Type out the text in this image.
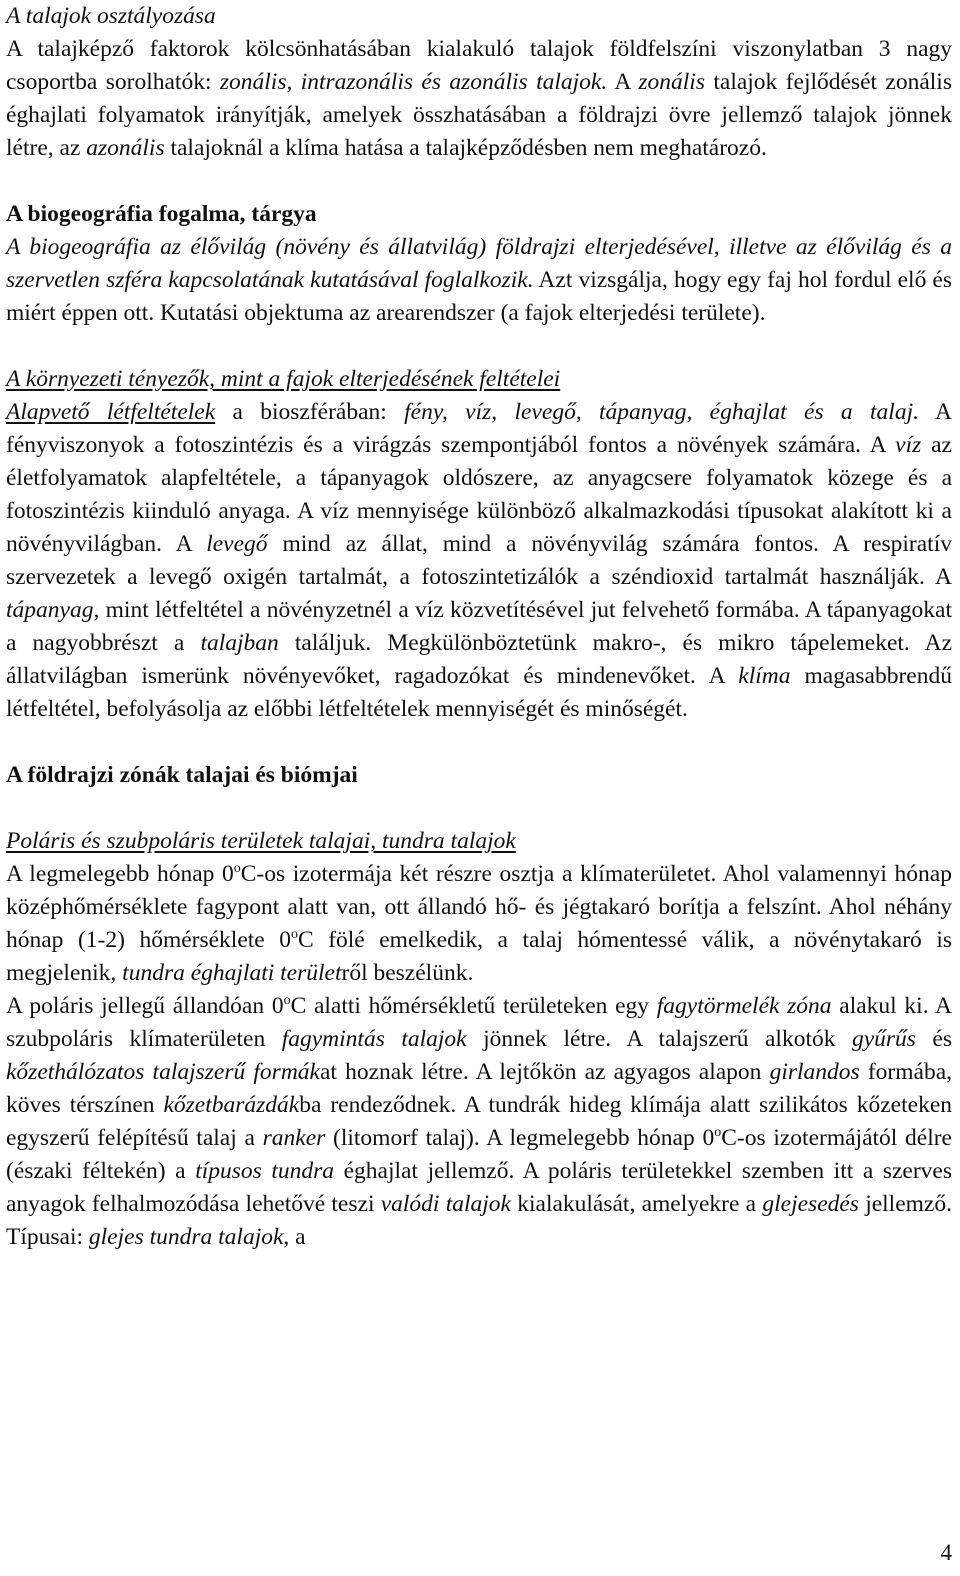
A talajok osztályozása

A talajképző faktorok kölcsönhatásában kialakuló talajok földfelszíni viszonylatban 3 nagy csoportba sorolhatók: zonális, intrazonális és azonális talajok. A zonális talajok fejlődését zonális éghajlati folyamatok irányítják, amelyek összhatásában a földrajzi övre jellemző talajok jönnek létre, az azonális talajoknál a klíma hatása a talajképződésben nem meghatározó.

A biogeográfia fogalma, tárgya

A biogeográfia az élővilág (növény és állatvilág) földrajzi elterjedésével, illetve az élővilág és a szervetlen szféra kapcsolatának kutatásával foglalkozik. Azt vizsgálja, hogy egy faj hol fordul elő és miért éppen ott. Kutatási objektuma az arearendszer (a fajok elterjedési területe).

A környezeti tényezők, mint a fajok elterjedésének feltételei

Alapvető létfeltételek a bioszférában: fény, víz, levegő, tápanyag, éghajlat és a talaj. A fényviszonyok a fotoszintézis és a virágzás szempontjából fontos a növények számára. A víz az életfolyamatok alapfeltétele, a tápanyagok oldószere, az anyagcsere folyamatok közege és a fotoszintézis kiinduló anyaga. A víz mennyisége különböző alkalmazkodási típusokat alakított ki a növényvilágban. A levegő mind az állat, mind a növényvilág számára fontos. A respiratív szervezetek a levegő oxigén tartalmát, a fotoszintetizálók a széndioxid tartalmát használják. A tápanyag, mint létfeltétel a növényzetnél a víz közvetítésével jut felvehető formába. A tápanyagokat a nagyobbrészt a talajban találjuk. Megkülönböztetünk makro-, és mikro tápelemeket. Az állatvilágban ismerünk növényevőket, ragadozókat és mindenevőket. A klíma magasabbrendű létfeltétel, befolyásolja az előbbi létfeltételek mennyiségét és minőségét.

A földrajzi zónák talajai és biómjai

Poláris és szubpoláris területek talajai, tundra talajok

A legmelegebb hónap 0$^o$C-os izotermája két részre osztja a klímaterületet. Ahol valamennyi hónap középhőmérséklete fagypont alatt van, ott állandó hő- és jégtakaró borítja a felszínt. Ahol néhány hónap (1-2) hőmérséklete 0$^o$C fölé emelkedik, a talaj hómentessé válik, a növénytakaró is megjelenik, tundra éghajlati területről beszélünk.

A poláris jellegű állandóan 0$^o$C alatti hőmérsékletű területeken egy fagytörmelék zóna alakul ki. A szubpoláris klímaterületen fagymintás talajok jönnek létre. A talajszerű alkotók gyűrűs és kőzethálózatos talajszerű formákat hoznak létre. A lejtőkön az agyagos alapon girlandos formába, köves térszínen kőzetbarázdákba rendeződnek. A tundrák hideg klímája alatt szilikátos kőzeteken egyszerű felépítésű talaj a ranker (litomorf talaj). A legmelegebb hónap 0$^o$C-os izotermájától délre (északi féltekén) a típusos tundra éghajlat jellemző. A poláris területekkel szemben itt a szerves anyagok felhalmozódása lehetővé teszi valódi talajok kialakulását, amelyekre a glejesedés jellemző. Típusai: glejes tundra talajok, a

4
